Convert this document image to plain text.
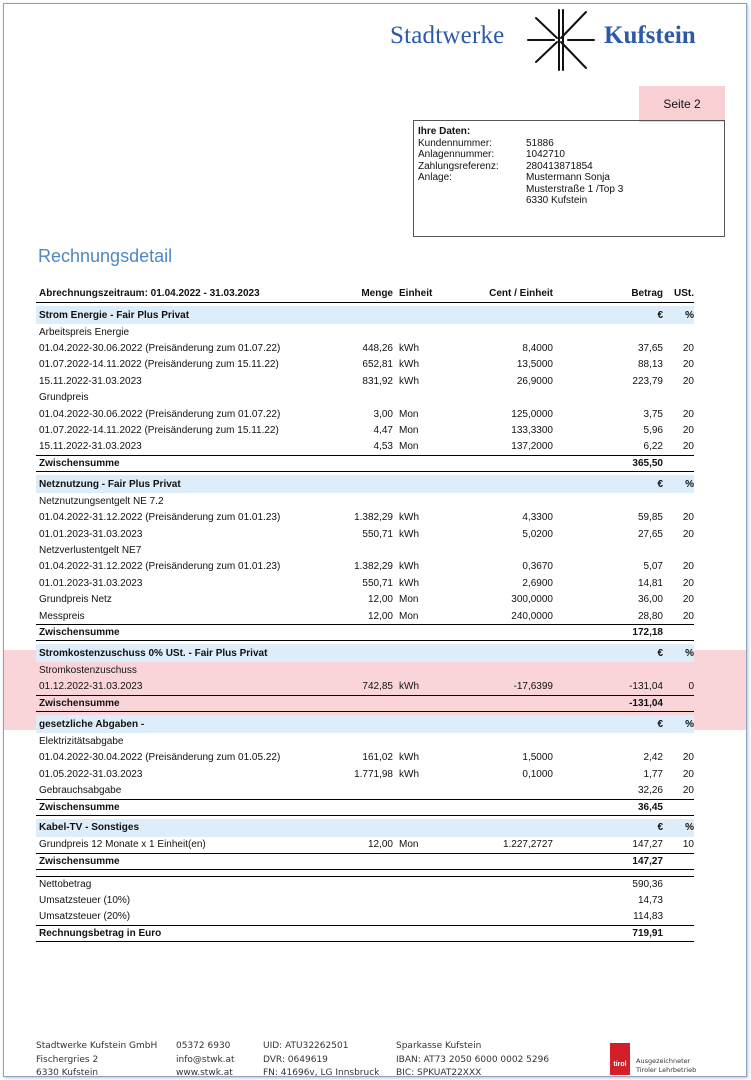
Stadtwerke	Kufstein
Seite 2
Ihre Daten:
Kundennummer:	51886
Anlagennummer:	1042710
Zahlungsreferenz:	280413871854
Anlage:	Mustermann Sonja
Musterstraße 1 /Top 3
6330 Kufstein
Rechnungsdetail
Abrechnungszeitraum: 01.04.2022 - 31.03.2023	Menge Einheit	Cent / Einheit	Betrag	USt.
Strom Energie - Fair Plus Privat	€	%
Arbeitspreis Energie
01.04.2022-30.06.2022 (Preisänderung zum 01.07.22)	448,26 kWh	8,4000	37,65	20
01.07.2022-14.11.2022 (Preisänderung zum 15.11.22)	652,81 kWh	13,5000	88,13	20
15.11.2022-31.03.2023	831,92 kWh	26,9000	223,79	20
Grundpreis
01.04.2022-30.06.2022 (Preisänderung zum 01.07.22)	3,00 Mon	125,0000	3,75	20
01.07.2022-14.11.2022 (Preisänderung zum 15.11.22)	4,47 Mon	133,3300	5,96	20
15.11.2022-31.03.2023	4,53 Mon	137,2000	6,22	20
Zwischensumme	365,50
Netznutzung - Fair Plus Privat	€	%
Netznutzungsentgelt NE 7.2
01.04.2022-31.12.2022 (Preisänderung zum 01.01.23)	1.382,29 kWh	4,3300	59,85	20
01.01.2023-31.03.2023	550,71 kWh	5,0200	27,65	20
Netzverlustentgelt NE7
01.04.2022-31.12.2022 (Preisänderung zum 01.01.23)	1.382,29 kWh	0,3670	5,07	20
01.01.2023-31.03.2023	550,71 kWh	2,6900	14,81	20
Grundpreis Netz	12,00 Mon	300,0000	36,00	20
Messpreis	12,00 Mon	240,0000	28,80	20
Zwischensumme	172,18
Stromkostenzuschuss 0% USt. - Fair Plus Privat	€	%
Stromkostenzuschuss
01.12.2022-31.03.2023	742,85 kWh	-17,6399	-131,04	0
Zwischensumme	-131,04
gesetzliche Abgaben -	€	%
Elektrizitätsabgabe
01.04.2022-30.04.2022 (Preisänderung zum 01.05.22)	161,02 kWh	1,5000	2,42	20
01.05.2022-31.03.2023	1.771,98 kWh	0,1000	1,77	20
Gebrauchsabgabe	32,26	20
Zwischensumme	36,45
Kabel-TV - Sonstiges	€	%
Grundpreis 12 Monate x 1 Einheit(en)	12,00 Mon	1.227,2727	147,27	10
Zwischensumme	147,27
Nettobetrag	590,36
Umsatzsteuer (10%)	14,73
Umsatzsteuer (20%)	114,83
Rechnungsbetrag in Euro	719,91
Stadtwerke Kufstein GmbH
Fischergries 2
6330 Kufstein
05372 6930
info@stwk.at
www.stwk.at
UID: ATU32262501
DVR: 0649619
FN: 41696v, LG Innsbruck
Sparkasse Kufstein
IBAN: AT73 2050 6000 0002 5296
BIC: SPKUAT22XXX
tirol	Ausgezeichneter
Tiroler Lehrbetrieb
